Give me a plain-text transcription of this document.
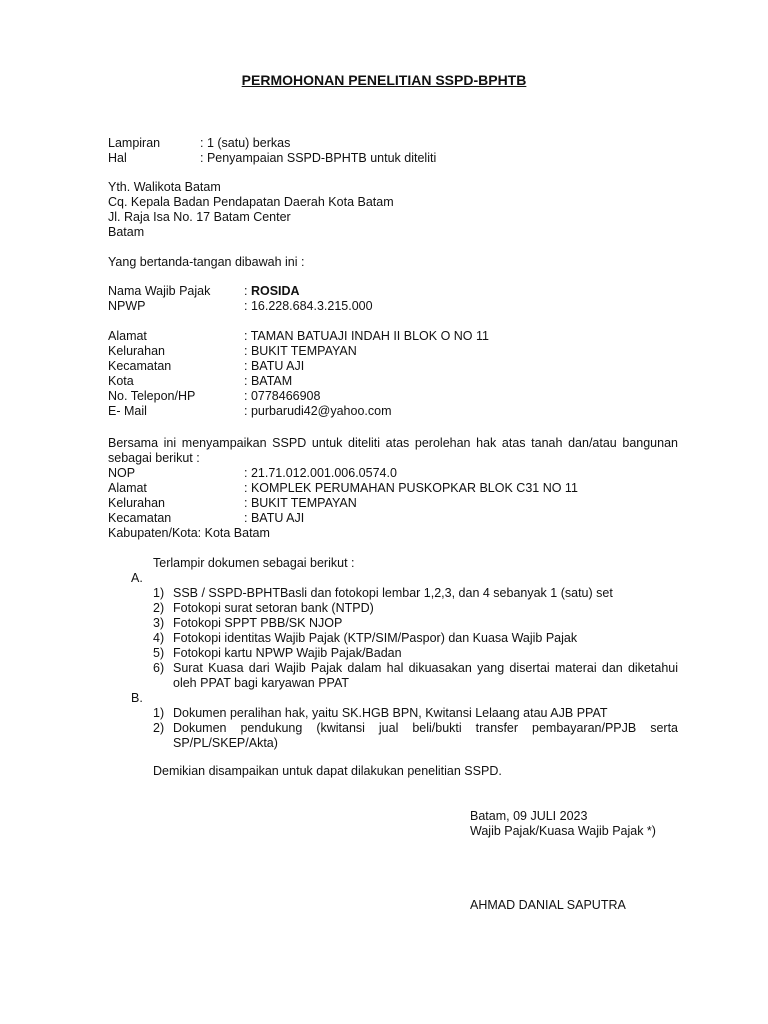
PERMOHONAN PENELITIAN SSPD-BPHTB
Lampiran	: 1 (satu) berkas
Hal	: Penyampaian SSPD-BPHTB untuk diteliti
Yth. Walikota Batam
Cq. Kepala Badan Pendapatan Daerah Kota Batam
Jl. Raja Isa No. 17 Batam Center
Batam
Yang bertanda-tangan dibawah ini :
Nama Wajib Pajak	: ROSIDA
NPWP	: 16.228.684.3.215.000
Alamat	: TAMAN BATUAJI INDAH II BLOK O NO 11
Kelurahan	: BUKIT TEMPAYAN
Kecamatan	: BATU AJI
Kota	: BATAM
No. Telepon/HP	: 0778466908
E- Mail	: purbarudi42@yahoo.com
Bersama ini menyampaikan SSPD untuk diteliti atas perolehan hak atas tanah dan/atau bangunan sebagai berikut :
NOP	: 21.71.012.001.006.0574.0
Alamat	: KOMPLEK PERUMAHAN PUSKOPKAR BLOK C31 NO 11
Kelurahan	: BUKIT TEMPAYAN
Kecamatan	: BATU AJI
Kabupaten/Kota: Kota Batam
Terlampir dokumen sebagai berikut :
A.
1) SSB / SSPD-BPHTBasli dan fotokopi lembar 1,2,3, dan 4 sebanyak 1 (satu) set
2) Fotokopi surat setoran bank (NTPD)
3) Fotokopi SPPT PBB/SK NJOP
4) Fotokopi identitas Wajib Pajak (KTP/SIM/Paspor) dan Kuasa Wajib Pajak
5) Fotokopi kartu NPWP Wajib Pajak/Badan
6) Surat Kuasa dari Wajib Pajak dalam hal dikuasakan yang disertai materai dan diketahui oleh PPAT bagi karyawan PPAT
B.
1) Dokumen peralihan hak, yaitu SK.HGB BPN, Kwitansi Lelaang atau AJB PPAT
2) Dokumen pendukung (kwitansi jual beli/bukti transfer pembayaran/PPJB serta SP/PL/SKEP/Akta)
Demikian disampaikan untuk dapat dilakukan penelitian SSPD.
Batam, 09 JULI 2023
Wajib Pajak/Kuasa Wajib Pajak *)
AHMAD DANIAL SAPUTRA
